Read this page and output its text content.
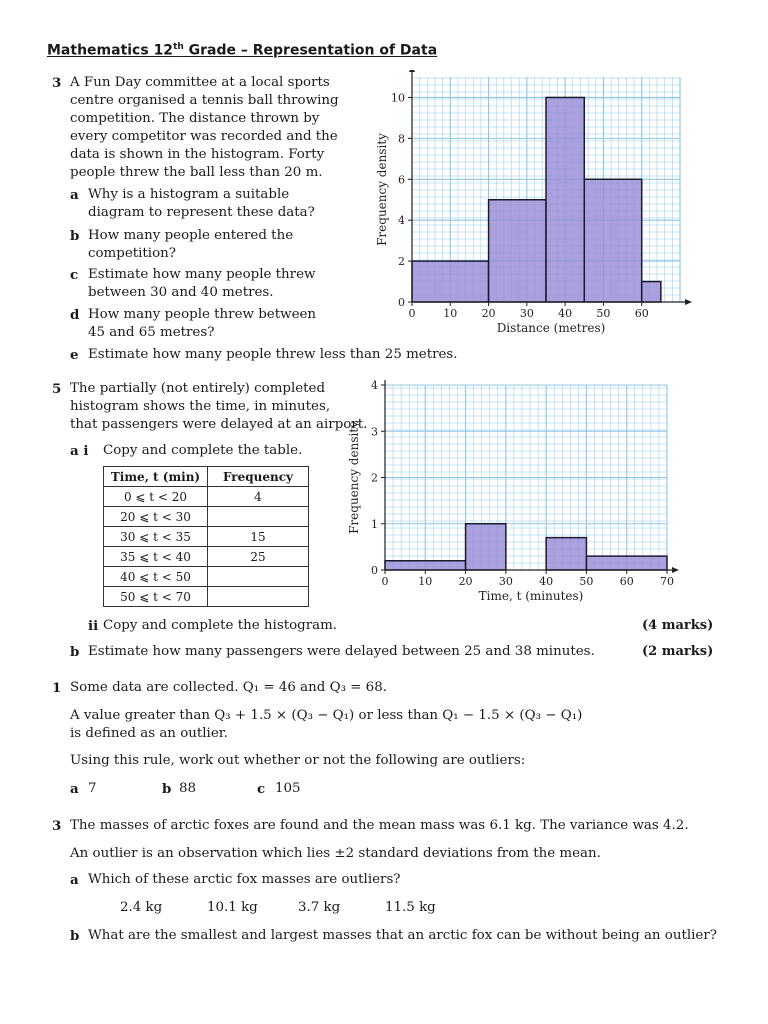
Mathematics 12th Grade – Representation of Data
3 A Fun Day committee at a local sports
centre organised a tennis ball throwing
competition. The distance thrown by
every competitor was recorded and the
data is shown in the histogram. Forty
people threw the ball less than 20 m.
a Why is a histogram a suitable
diagram to represent these data?
b How many people entered the
competition?
c Estimate how many people threw
between 30 and 40 metres.
d How many people threw between
45 and 65 metres?
e Estimate how many people threw less than 25 metres.
0	10 20 30 40 50 60
0
2
4
6
8
10
Distance (metres)
Frequency density
5 The partially (not entirely) completed
histogram shows the time, in minutes,
that passengers were delayed at an airport.
a i Copy and complete the table.
Time, t (min)	Frequency
0 ⩽ t < 20	4
20 ⩽ t < 30	
30 ⩽ t < 35	15
35 ⩽ t < 40	25
40 ⩽ t < 50	
50 ⩽ t < 70	
0	10 20 30 40 50 60 70
0
1
2
3
4
Time, t (minutes)
Frequency density
ii Copy and complete the histogram.	(4 marks)
b Estimate how many passengers were delayed between 25 and 38 minutes.	(2 marks)
1 Some data are collected. Q₁ = 46 and Q₃ = 68.
A value greater than Q₃ + 1.5 × (Q₃ − Q₁) or less than Q₁ − 1.5 × (Q₃ − Q₁)
is defined as an outlier.
Using this rule, work out whether or not the following are outliers:
a 7	b 88	c 105
3 The masses of arctic foxes are found and the mean mass was 6.1 kg. The variance was 4.2.
An outlier is an observation which lies ±2 standard deviations from the mean.
a Which of these arctic fox masses are outliers?
2.4 kg	10.1 kg	3.7 kg	11.5 kg
b What are the smallest and largest masses that an arctic fox can be without being an outlier?
